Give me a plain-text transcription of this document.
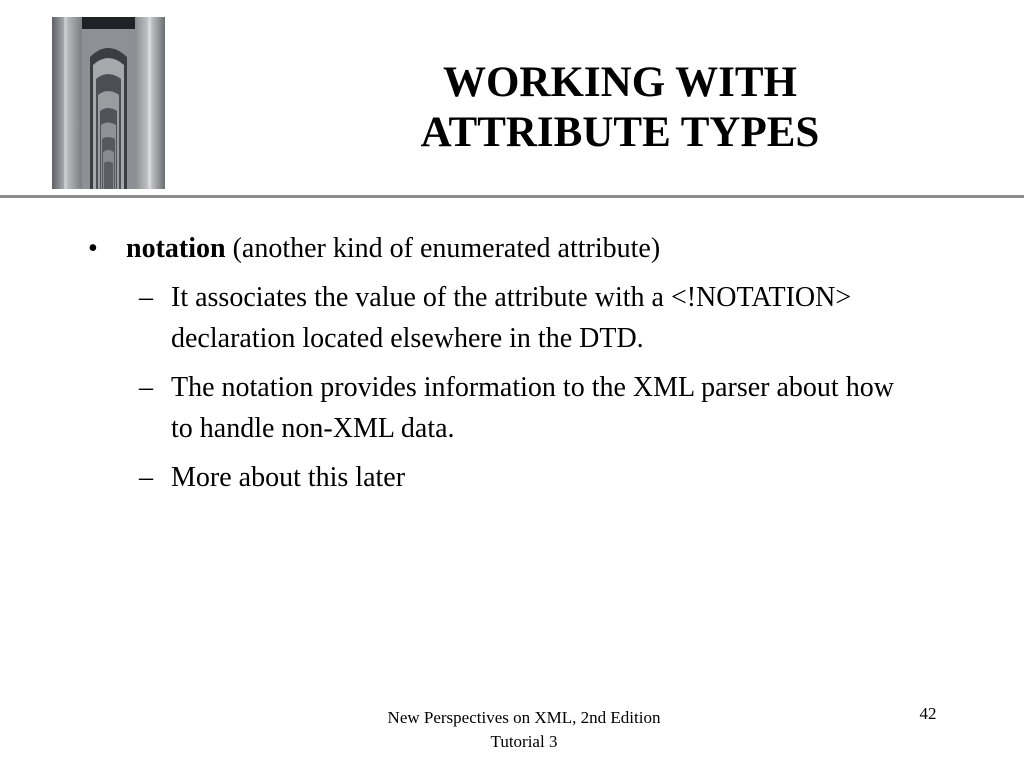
WORKING WITH
ATTRIBUTE TYPES
• notation (another kind of enumerated attribute)
– It associates the value of the attribute with a <!NOTATION> declaration located elsewhere in the DTD.
– The notation provides information to the XML parser about how to handle non-XML data.
– More about this later
New Perspectives on XML, 2nd Edition
Tutorial 3
42
